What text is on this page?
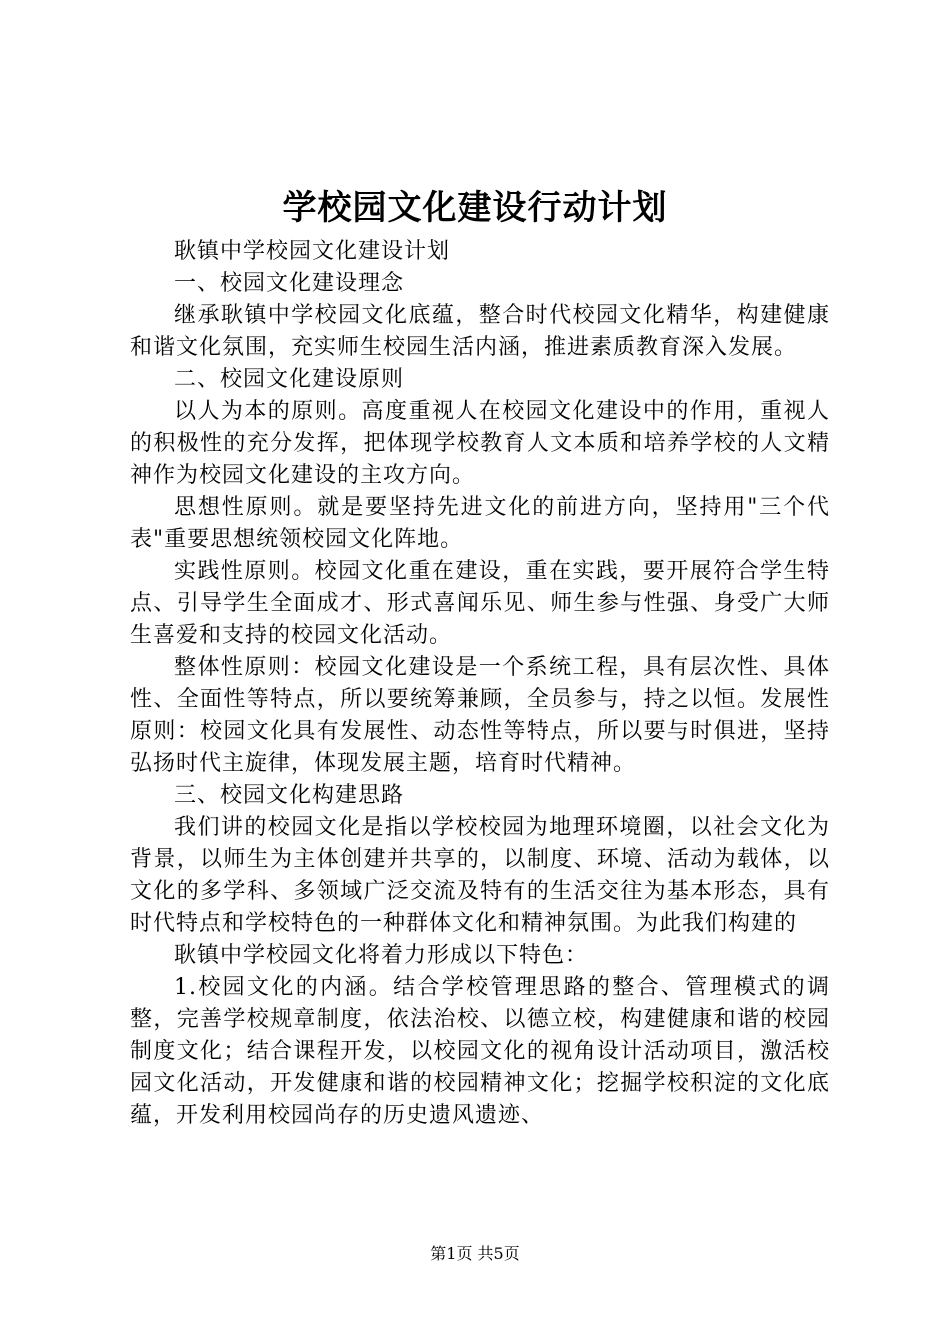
学校园文化建设行动计划

耿镇中学校园文化建设计划

一、校园文化建设理念

继承耿镇中学校园文化底蕴，整合时代校园文化精华，构建健康和谐文化氛围，充实师生校园生活内涵，推进素质教育深入发展。

二、校园文化建设原则

以人为本的原则。高度重视人在校园文化建设中的作用，重视人的积极性的充分发挥，把体现学校教育人文本质和培养学校的人文精神作为校园文化建设的主攻方向。

思想性原则。就是要坚持先进文化的前进方向，坚持用"三个代表"重要思想统领校园文化阵地。

实践性原则。校园文化重在建设，重在实践，要开展符合学生特点、引导学生全面成才、形式喜闻乐见、师生参与性强、身受广大师生喜爱和支持的校园文化活动。

整体性原则：校园文化建设是一个系统工程，具有层次性、具体性、全面性等特点，所以要统筹兼顾，全员参与，持之以恒。发展性原则：校园文化具有发展性、动态性等特点，所以要与时俱进，坚持弘扬时代主旋律，体现发展主题，培育时代精神。

三、校园文化构建思路

我们讲的校园文化是指以学校校园为地理环境圈，以社会文化为背景，以师生为主体创建并共享的，以制度、环境、活动为载体，以文化的多学科、多领域广泛交流及特有的生活交往为基本形态，具有时代特点和学校特色的一种群体文化和精神氛围。为此我们构建的

耿镇中学校园文化将着力形成以下特色：

1.校园文化的内涵。结合学校管理思路的整合、管理模式的调整，完善学校规章制度，依法治校、以德立校，构建健康和谐的校园制度文化；结合课程开发，以校园文化的视角设计活动项目，激活校园文化活动，开发健康和谐的校园精神文化；挖掘学校积淀的文化底蕴，开发利用校园尚存的历史遗风遗迹、

第1页 共5页
